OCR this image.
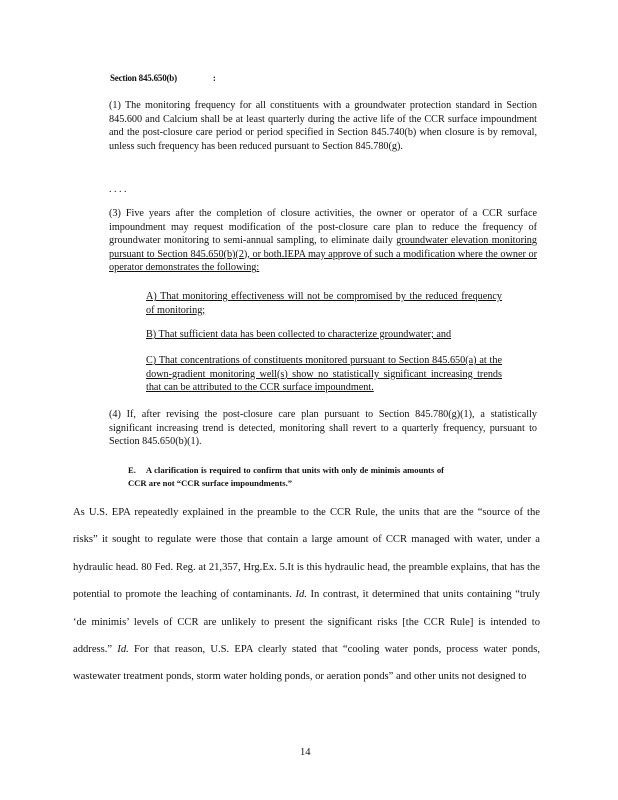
Section 845.650(b)	:
(1) The monitoring frequency for all constituents with a groundwater protection standard in Section 845.600 and Calcium shall be at least quarterly during the active life of the CCR surface impoundment and the post-closure care period or period specified in Section 845.740(b) when closure is by removal, unless such frequency has been reduced pursuant to Section 845.780(g).
. . . .
(3) Five years after the completion of closure activities, the owner or operator of a CCR surface impoundment may request modification of the post-closure care plan to reduce the frequency of groundwater monitoring to semi-annual sampling, to eliminate daily groundwater elevation monitoring pursuant to Section 845.650(b)(2), or both.IEPA may approve of such a modification where the owner or operator demonstrates the following:
A) That monitoring effectiveness will not be compromised by the reduced frequency of monitoring;
B) That sufficient data has been collected to characterize groundwater; and
C) That concentrations of constituents monitored pursuant to Section 845.650(a) at the down-gradient monitoring well(s) show no statistically significant increasing trends that can be attributed to the CCR surface impoundment.
(4) If, after revising the post-closure care plan pursuant to Section 845.780(g)(1), a statistically significant increasing trend is detected, monitoring shall revert to a quarterly frequency, pursuant to Section 845.650(b)(1).
E. A clarification is required to confirm that units with only de minimis amounts of CCR are not “CCR surface impoundments.”
As U.S. EPA repeatedly explained in the preamble to the CCR Rule, the units that are the “source of the risks” it sought to regulate were those that contain a large amount of CCR managed with water, under a hydraulic head. 80 Fed. Reg. at 21,357, Hrg.Ex. 5.It is this hydraulic head, the preamble explains, that has the potential to promote the leaching of contaminants. Id. In contrast, it determined that units containing “truly ‘de minimis’ levels of CCR are unlikely to present the significant risks [the CCR Rule] is intended to address.” Id. For that reason, U.S. EPA clearly stated that “cooling water ponds, process water ponds, wastewater treatment ponds, storm water holding ponds, or aeration ponds” and other units not designed to
14
